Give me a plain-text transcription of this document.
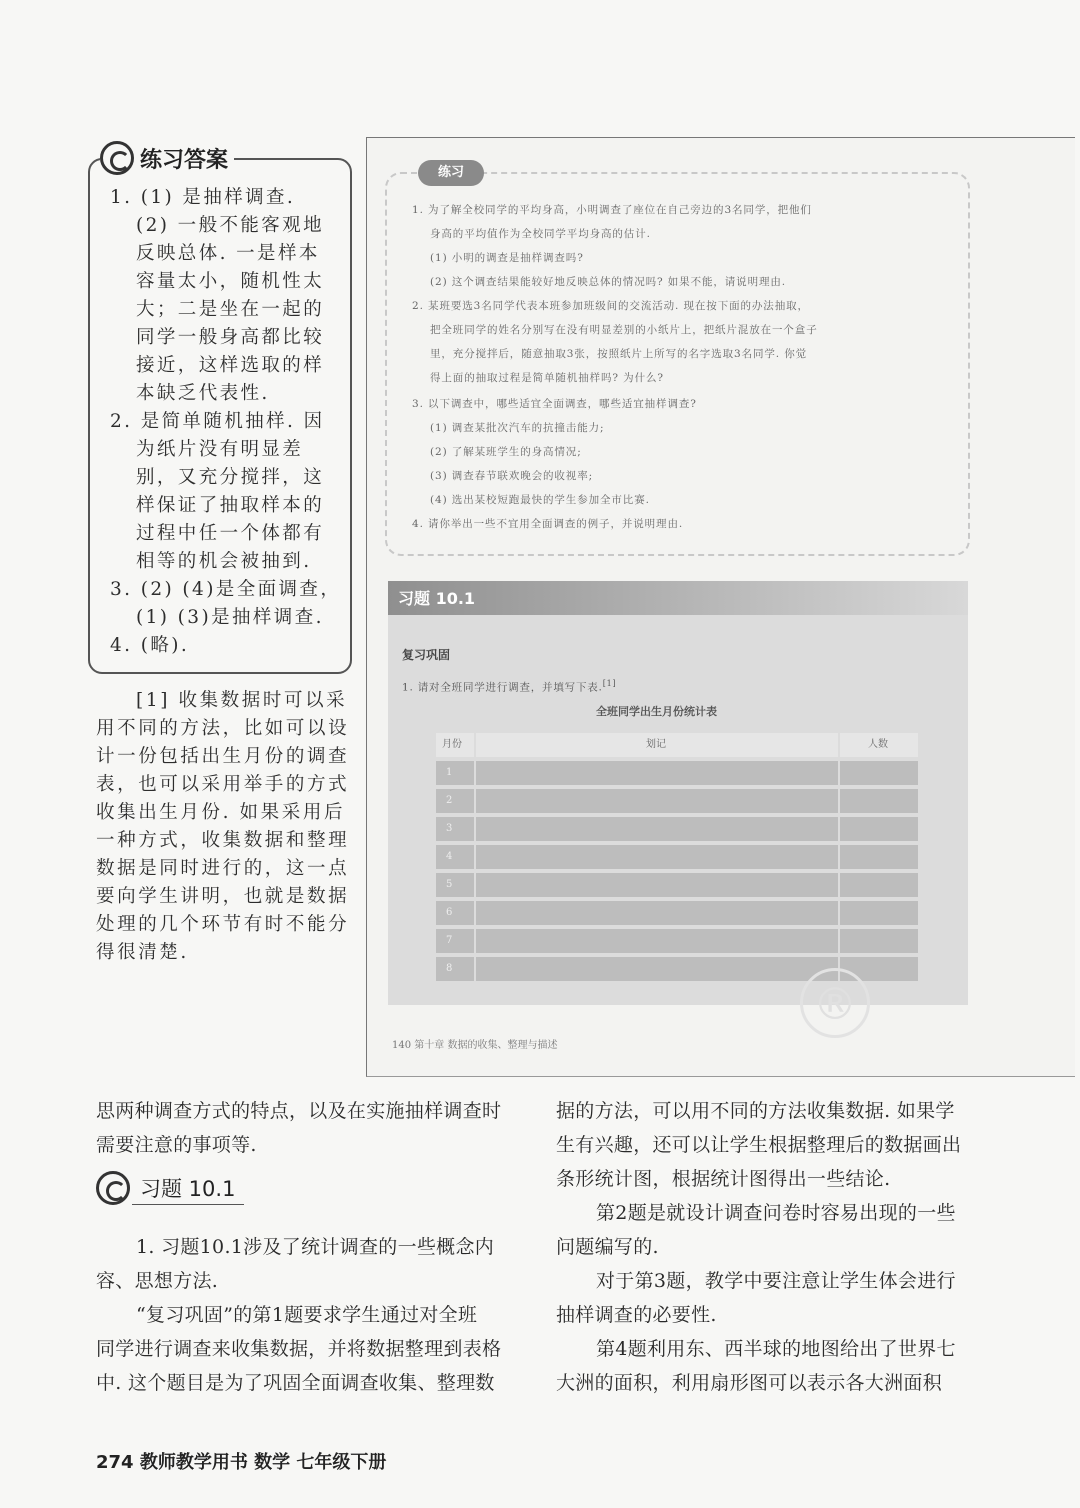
练习答案
1. (1) 是抽样调查.
(2) 一般不能客观地
反映总体. 一是样本
容量太小，随机性太
大；二是坐在一起的
同学一般身高都比较
接近，这样选取的样
本缺乏代表性.
2. 是简单随机抽样. 因
为纸片没有明显差
别，又充分搅拌，这
样保证了抽取样本的
过程中任一个体都有
相等的机会被抽到.
3. (2) (4)是全面调查，
(1) (3)是抽样调查.
4. (略).
[1] 收集数据时可以采
用不同的方法，比如可以设
计一份包括出生月份的调查
表，也可以采用举手的方式
收集出生月份. 如果采用后
一种方式，收集数据和整理
数据是同时进行的，这一点
要向学生讲明，也就是数据
处理的几个环节有时不能分
得很清楚.
练习
1. 为了解全校同学的平均身高，小明调查了座位在自己旁边的3名同学，把他们
身高的平均值作为全校同学平均身高的估计.
(1) 小明的调查是抽样调查吗?
(2) 这个调查结果能较好地反映总体的情况吗? 如果不能，请说明理由.
2. 某班要选3名同学代表本班参加班级间的交流活动. 现在按下面的办法抽取，
把全班同学的姓名分别写在没有明显差别的小纸片上，把纸片混放在一个盒子
里，充分搅拌后，随意抽取3张，按照纸片上所写的名字选取3名同学. 你觉
得上面的抽取过程是简单随机抽样吗? 为什么?
3. 以下调查中，哪些适宜全面调查，哪些适宜抽样调查?
(1) 调查某批次汽车的抗撞击能力;
(2) 了解某班学生的身高情况;
(3) 调查春节联欢晚会的收视率;
(4) 选出某校短跑最快的学生参加全市比赛.
4. 请你举出一些不宜用全面调查的例子，并说明理由.
习题 10.1
复习巩固
1. 请对全班同学进行调查，并填写下表.[1]
全班同学出生月份统计表
月份	划记	人数
1
2
3
4
5
6
7
8
®
140 第十章 数据的收集、整理与描述
思两种调查方式的特点，以及在实施抽样调查时
需要注意的事项等.
习题 10.1
1. 习题10.1涉及了统计调查的一些概念内
容、思想方法.
“复习巩固”的第1题要求学生通过对全班
同学进行调查来收集数据，并将数据整理到表格
中. 这个题目是为了巩固全面调查收集、整理数
据的方法，可以用不同的方法收集数据. 如果学
生有兴趣，还可以让学生根据整理后的数据画出
条形统计图，根据统计图得出一些结论.
第2题是就设计调查问卷时容易出现的一些
问题编写的.
对于第3题，教学中要注意让学生体会进行
抽样调查的必要性.
第4题利用东、西半球的地图给出了世界七
大洲的面积，利用扇形图可以表示各大洲面积
274 教师教学用书 数学 七年级下册
